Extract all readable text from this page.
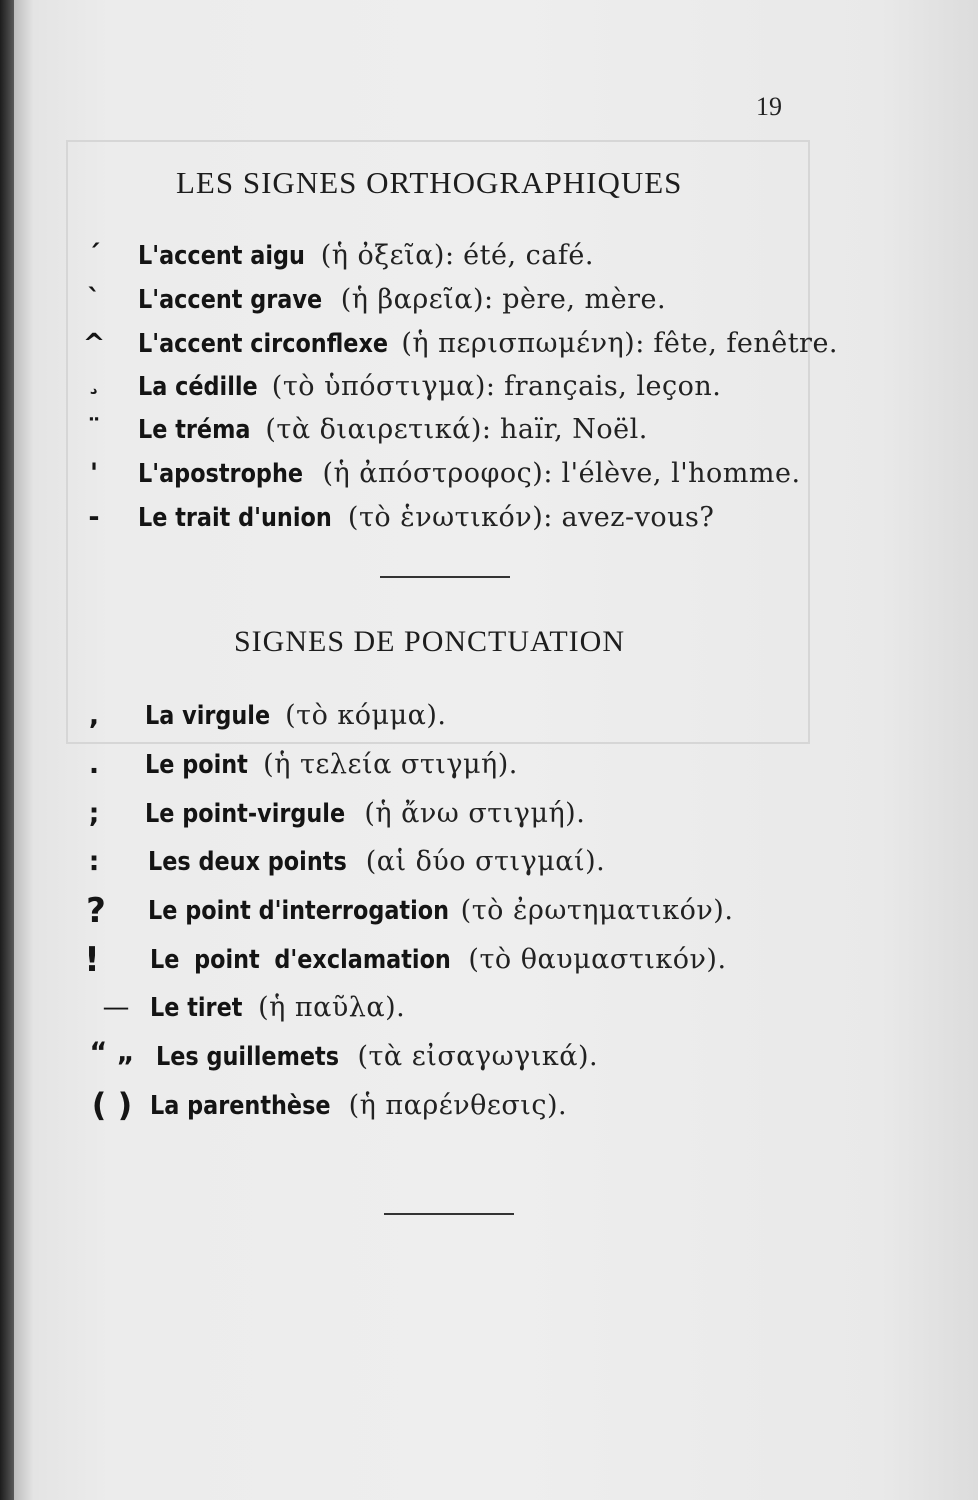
19
LES SIGNES ORTHOGRAPHIQUES
´	L'accent aigu (ἡ ὀξεῖα): été, café.
`	L'accent grave (ἡ βαρεῖα): père, mère.
^	L'accent circonflexe (ἡ περισπωμένη): fête, fenêtre.
¸	La cédille (τὸ ὑπόστιγμα): français, leçon.
¨	Le tréma (τὰ διαιρετικά): haïr, Noël.
'	L'apostrophe (ἡ ἀπόστροφος): l'élève, l'homme.
-	Le trait d'union (τὸ ἑνωτικόν): avez-vous?
SIGNES DE PONCTUATION
,	La virgule (τὸ κόμμα).
.	Le point (ἡ τελεία στιγμή).
;	Le point-virgule (ἡ ἄνω στιγμή).
:	Les deux points (αἱ δύο στιγμαί).
?	Le point d'interrogation (τὸ ἐρωτηματικόν).
!	Le point d'exclamation (τὸ θαυμαστικόν).
— Le tiret (ἡ παῦλα).
“ „ Les guillemets (τὰ εἰσαγωγικά).
( ) La parenthèse (ἡ παρένθεσις).
